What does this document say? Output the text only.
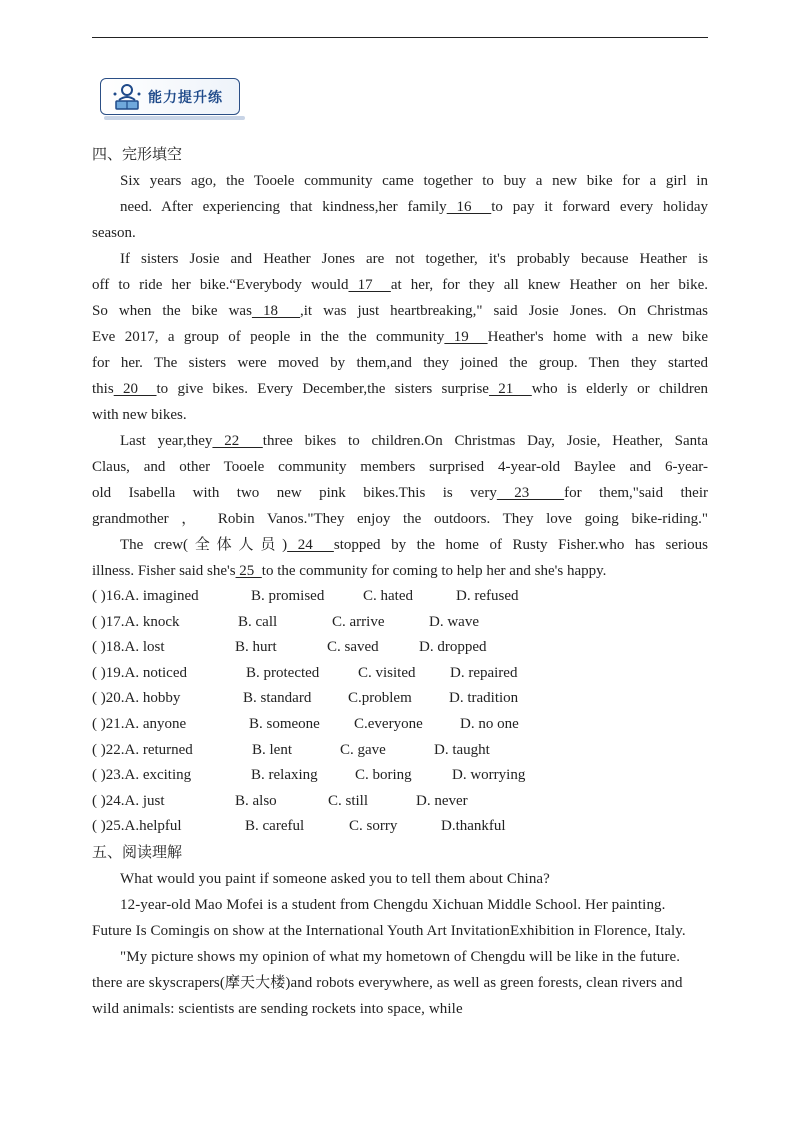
能力提升练
四、完形填空
Six years ago, the Tooele community came together to buy a new bike for a girl in
need. After experiencing that kindness,her family 16  to pay it forward every holiday
season.
If sisters Josie and Heather Jones are not together, it's probably because Heather is
off to ride her bike.“Everybody would 17  at her, for they all knew Heather on her bike.
So when the bike was 18  ,it was just heartbreaking," said Josie Jones. On Christmas
Eve 2017, a group of people in the the community 19  Heather's home with a new bike
for her. The sisters were moved by them,and they joined the group. Then they started
this 20  to give bikes. Every December,the sisters surprise 21  who is elderly or children
with new bikes.
Last year,they 22  three bikes to children.On Christmas Day, Josie, Heather, Santa
Claus, and other Tooele community members surprised 4-year-old Baylee and 6-year-
old Isabella with two new pink bikes.This is very 23  for them,"said their
grandmother ， Robin Vanos."They enjoy the outdoors. They love going bike-riding."
The crew(全体人员) 24  stopped by the home of Rusty Fisher.who has serious
illness. Fisher said she's 25  to the community for coming to help her and she's happy.
( )16.A. imagined	B. promised	C. hated	D. refused
( )17.A. knock	B. call	C. arrive	D. wave
( )18.A. lost	B. hurt	C. saved	D. dropped
( )19.A. noticed	B. protected	C. visited	D. repaired
( )20.A. hobby	B. standard	C.problem	D. tradition
( )21.A. anyone	B. someone	C.everyone	D. no one
( )22.A. returned	B. lent	C. gave	D. taught
( )23.A. exciting	B. relaxing	C. boring	D. worrying
( )24.A. just	B. also	C. still	D. never
( )25.A.helpful	B. careful	C. sorry	D.thankful
五、阅读理解
What would you paint if someone asked you to tell them about China?
12-year-old Mao Mofei is a student from Chengdu Xichuan Middle School. Her painting. Future Is Comingis on show at the International Youth Art InvitationExhibition in Florence, Italy.
"My picture shows my opinion of what my hometown of Chengdu will be like in the future. there are skyscrapers(摩天大楼)and robots everywhere, as well as green forests, clean rivers and wild animals: scientists are sending rockets into space, while
